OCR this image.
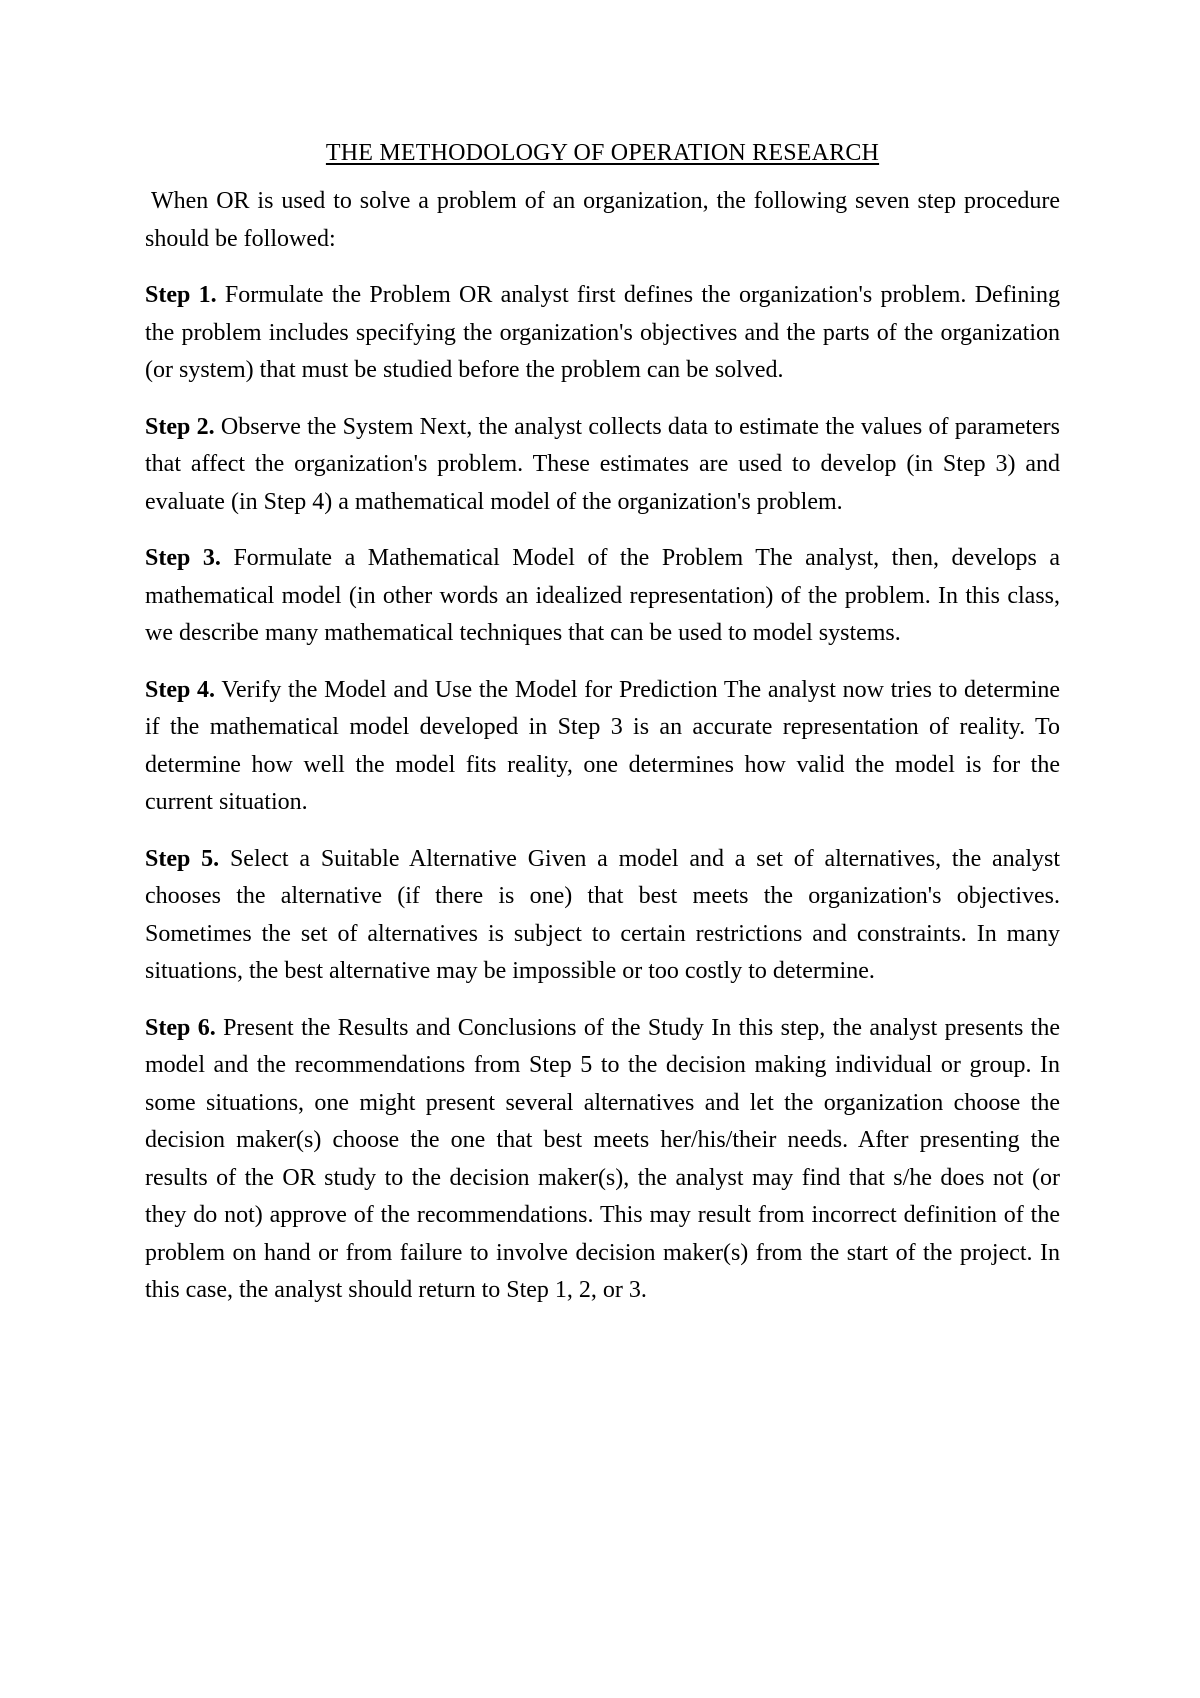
THE METHODOLOGY OF OPERATION RESEARCH

When OR is used to solve a problem of an organization, the following seven step procedure should be followed:

Step 1. Formulate the Problem OR analyst first defines the organization's problem. Defining the problem includes specifying the organization's objectives and the parts of the organization (or system) that must be studied before the problem can be solved.

Step 2. Observe the System Next, the analyst collects data to estimate the values of parameters that affect the organization's problem. These estimates are used to develop (in Step 3) and evaluate (in Step 4) a mathematical model of the organization's problem.

Step 3. Formulate a Mathematical Model of the Problem The analyst, then, develops a mathematical model (in other words an idealized representation) of the problem. In this class, we describe many mathematical techniques that can be used to model systems.

Step 4. Verify the Model and Use the Model for Prediction The analyst now tries to determine if the mathematical model developed in Step 3 is an accurate representation of reality. To determine how well the model fits reality, one determines how valid the model is for the current situation.

Step 5. Select a Suitable Alternative Given a model and a set of alternatives, the analyst chooses the alternative (if there is one) that best meets the organization's objectives. Sometimes the set of alternatives is subject to certain restrictions and constraints. In many situations, the best alternative may be impossible or too costly to determine.

Step 6. Present the Results and Conclusions of the Study In this step, the analyst presents the model and the recommendations from Step 5 to the decision making individual or group. In some situations, one might present several alternatives and let the organization choose the decision maker(s) choose the one that best meets her/his/their needs. After presenting the results of the OR study to the decision maker(s), the analyst may find that s/he does not (or they do not) approve of the recommendations. This may result from incorrect definition of the problem on hand or from failure to involve decision maker(s) from the start of the project. In this case, the analyst should return to Step 1, 2, or 3.
